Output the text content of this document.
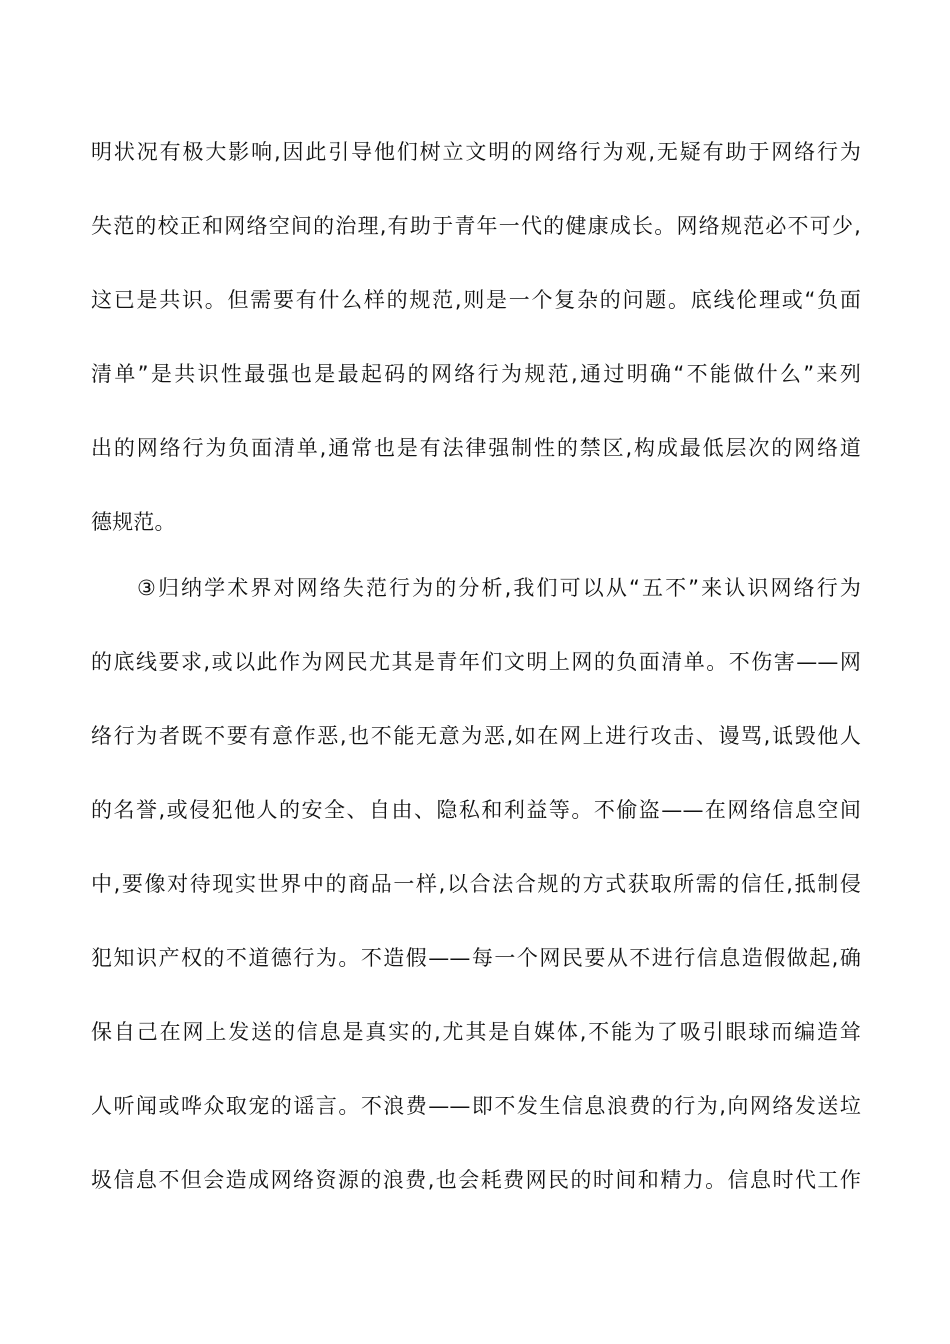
明状况有极大影响,因此引导他们树立文明的网络行为观,无疑有助于网络行为
失范的校正和网络空间的治理,有助于青年一代的健康成长。网络规范必不可少,
这已是共识。但需要有什么样的规范,则是一个复杂的问题。底线伦理或“负面
清单”是共识性最强也是最起码的网络行为规范,通过明确“不能做什么”来列
出的网络行为负面清单,通常也是有法律强制性的禁区,构成最低层次的网络道
德规范。
③归纳学术界对网络失范行为的分析,我们可以从“五不”来认识网络行为
的底线要求,或以此作为网民尤其是青年们文明上网的负面清单。不伤害——网
络行为者既不要有意作恶,也不能无意为恶,如在网上进行攻击、谩骂,诋毁他人
的名誉,或侵犯他人的安全、自由、隐私和利益等。不偷盗——在网络信息空间
中,要像对待现实世界中的商品一样,以合法合规的方式获取所需的信任,抵制侵
犯知识产权的不道德行为。不造假——每一个网民要从不进行信息造假做起,确
保自己在网上发送的信息是真实的,尤其是自媒体,不能为了吸引眼球而编造耸
人听闻或哗众取宠的谣言。不浪费——即不发生信息浪费的行为,向网络发送垃
圾信息不但会造成网络资源的浪费,也会耗费网民的时间和精力。信息时代工作
